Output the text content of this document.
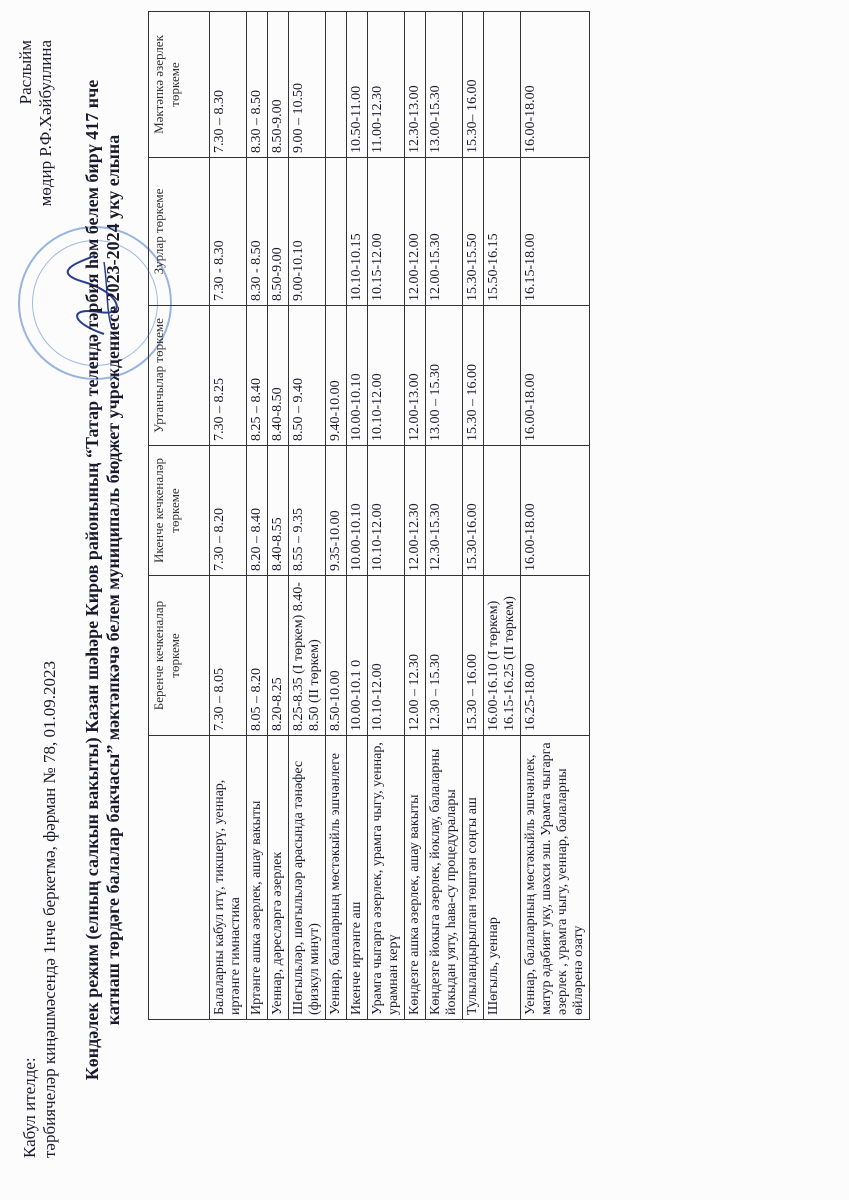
Кабул ителде: тәрбиячеләр киңәшмәсендә 1нче беркетмә, фәрман № 78, 01.09.2023
Раслыйм мөдир Р.Ф.Хәйбуллина Көндәлек режим (елның салкын вакыты) Казан шәһәре Киров районының “Татар телендә тәрбия һәм белем бирү 417 нче катнаш төрдәге балалар бакчасы” мәктәпкәчә белем муниципаль бюджет учреждениесе 2023-2024 уку елына
	Беренче кечкеналар төркеме	Икенче кечкеналәр төркеме	Уртанчылар төркеме	Зурлар төркеме	Мәктәпкә әзерлек төркеме
Балаларны кабул итү, тикшерү, уеннар, иртәнге гимнастика	7.30 – 8.05	7.30 – 8.20	7.30 – 8.25	7.30 - 8.30	7.30 – 8.30
Иртәнге ашка әзерлек, ашау вакыты	8.05 – 8.20	8.20 – 8.40	8.25 – 8.40	8.30 - 8.50	8.30 – 8.50
Уеннар, дәресләргә әзерлек	8.20-8.25	8.40-8.55	8.40-8.50	8.50-9.00	8.50-9.00
Шөгыльләр, шөгыльләр арасында тәнәфес (физкул минут)	8.25-8.35 (I төркем) 8.40-8.50 (II төркем)	8.55 – 9.35	8.50 – 9.40	9.00-10.10	9.00 – 10.50
Уеннар, балаларның мөстәкыйль эшчәнлеге	8.50-10.00	9.35-10.00	9.40-10.00		
Икенче иртәнге аш	10.00-10.1 0	10.00-10.10	10.00-10.10	10.10-10.15	10.50-11.00
Урамга чыгарга әзерлек, урамга чыгу, уеннар, урамнан керү	10.10-12.00	10.10-12.00	10.10-12.00	10.15-12.00	11.00-12.30
Көндезге ашка әзерлек, ашау вакыты	12.00 – 12.30	12.00-12.30	12.00-13.00	12.00-12.00	12.30-13.00
Көндезге йокыга әзерлек, йоклау, балаларны йокыдан уяту, һава-су процедуралары	12.30 – 15.30	12.30-15.30	13.00 – 15.30	12.00-15.30	13.00-15.30
Тулыландырылган төштән соңгы аш	15.30 – 16.00	15.30-16.00	15.30 – 16.00	15.30-15.50	15.30– 16.00
Шөгыль, уеннар	16.00-16.10 (I төркем) 16.15-16.25 (II төркем)			15.50-16.15	
Уеннар, балаларның мөстәкыйль эшчәнлек, матур әдәбият уку, шәхси эш. Урамга чыгарга әзерлек , урамга чыгу, уеннар, балаларны өйләренә озату	16.25-18.00	16.00-18.00	16.00-18.00	16.15-18.00	16.00-18.00
